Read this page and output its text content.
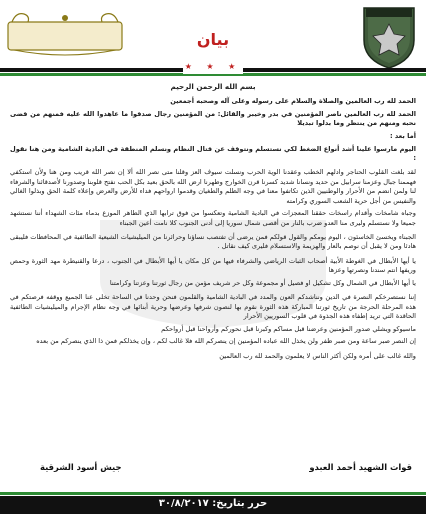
بيان
★ ★ ★

بسم الله الرحمن الرحيم

الحمد لله رب العالمين والصلاة والسلام على رسوله وعلى آله وصحبه أجمعين

الحمد لله رب العالمين ناصر المؤمنين في بدر وخيبر والقائل: من المؤمنين رجال صدقوا ما عاهدوا الله عليه فمنهم من قضى نحبه ومنهم من ينتظر وما بدلوا تبديلا

أما بعد :

اليوم مارسوا علينا أشد أنواع الضغط لكي نستسلم ونتوقف عن قتال النظام ونسلم المنطقة في البادية الشامية ومن هنا نقول :

لقد بلغت القلوب الحناجر وادلهم الخطب وعقدنا الوية الحرب ونسلت سيوف العز وقلنا متى نصر الله ألا إن نصر الله قريب ومن هنا ولأن استكفي فهممنا جبال وعزمنا سرابيل من حديد ونسانا شديد كسرنا قرن الخوارج وطهرنا ارض الله بالحق بعيد بكل الحب نفتح قلوبنا وصدورنا لأصدقائنا والشرفاء لنا ولمن انضم من الأحرار والوطنيين الذين تكاتفوا معنا في وجه الظلم والطغيان وقدموا ارواحهم فداء للأرض والعرض وإعلاء كلمة الحق وبذلوا الغالي والنفيس من أجل حرية الشعب السوري وكرامته

وجباه شامخات وأقدام راسخات حققنا المعجزات في البادية الشامية وتعكسوا من فوق ترابها الذي الطاهر الموزع بدماء مئات الشهداء أننا نستشهد جميعا ولا نستسلم وليرى منا العدو ضرب بالنار من أقصى شمال سوريا إلى أدنى الجنوب كلا نامت أعين الجبناء

الجبناء ويخسئ الخاسئون ، اليوم يومكم والقول قولكم فمن يرضى أن تفتصب نساؤنا وحرائرنا من الميليشيات الشيعية الطائفية في المحافظات فليبقى هادئا ومن لا يقبل أن نوصم بالعار والهزيمة والاستسلام فليرى كيف نقاتل .

يا أيها الأبطال في الغوطة الأبية أصحاب الثبات الرياضي والشرفاء فيها من كل مكان يا أيها الأبطال في الجنوب ، درعا والقنيطرة مهد الثورة وحمص وريفها انتم سندنا ونصرتها وعزها

يا أيها الأبطال في الشمال وكل تشكيل او فصيل أو مجموعة وكل حر شريف مؤمن من رجال ثورتنا وعزتنا وكرامتنا

إننا نستصرخكم النصرة في الدين ونناشدكم العون والمدد في البادية الشامية والقلمون فنحن وحدنا في الساحة تخلى عنا الجميع ووقفه فرصتكم في هذه المرحلة الحرجة من تاريخ ثورتنا المباركة هذه الثورة نقوم بها لنصون شرفها وعرضها وحرية أبنائها في وجه نظام الإجرام والميليشيات الطائفية الحاقدة التي تريد إطفاء هذه الجذوة في قلوب السوريين الأحرار

ماسيوكو ويشلي صدور المؤمنين وعرضنا قبل مساكم وكبرنا قبل نحوركم وأرواحنا قبل أرواحكم

إن النصر صبر ساعة ومن صبر ظفر ولن يخذل الله عباده المؤمنين إن ينصركم الله فلا غالب لكم ، وإن يخذلكم فمن ذا الذي ينصركم من بعده

والله غالب على أمره ولكن أكثر الناس لا يعلمون والحمد لله رب العالمين

قوات الشهيد أحمد العبدو
جيش أسود الشرقية
حرر بتاريخ: ٣٠/٨/٢٠١٧
